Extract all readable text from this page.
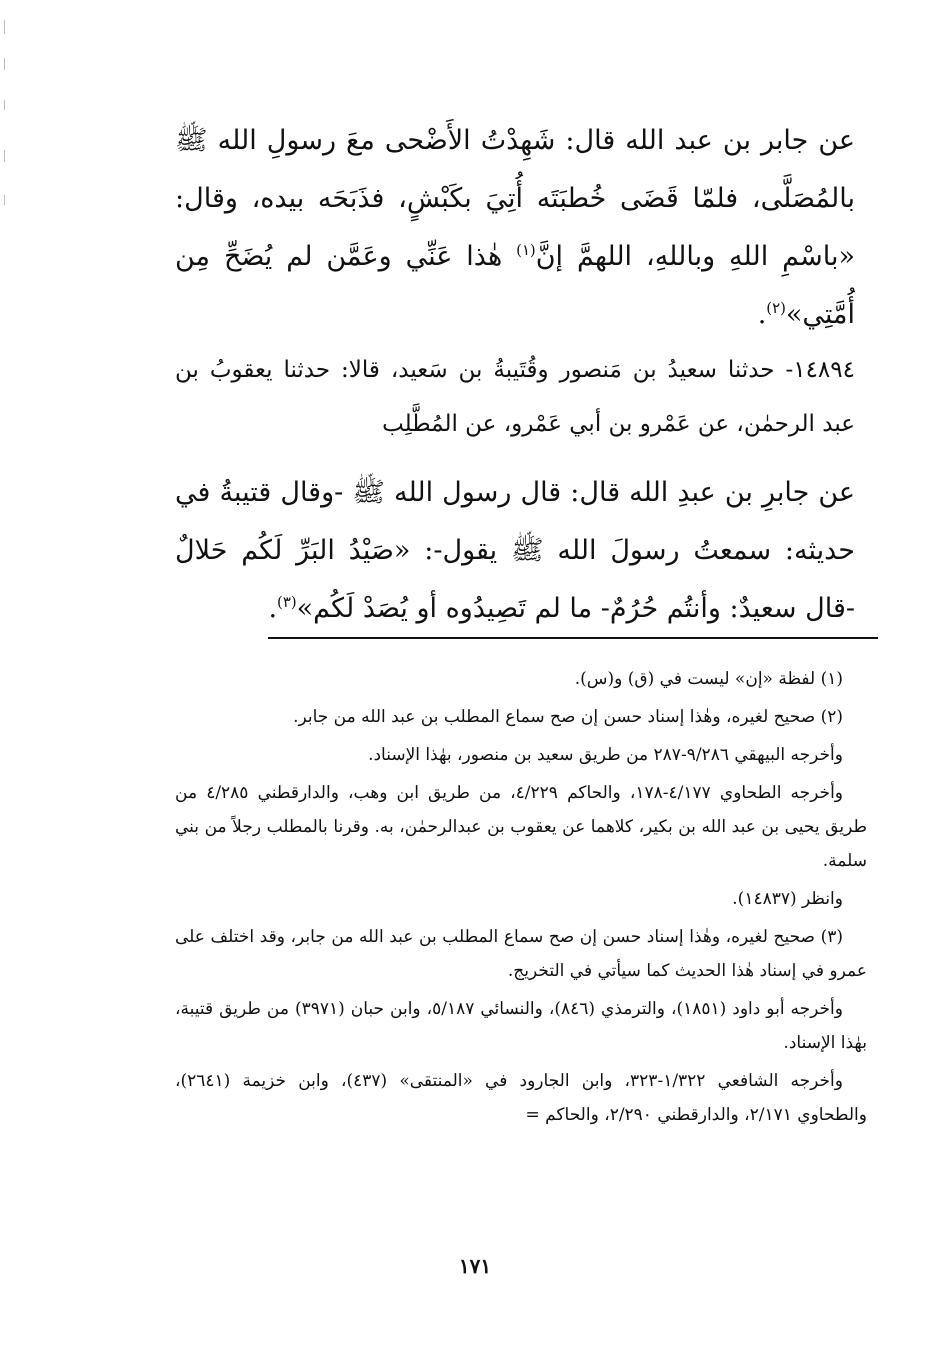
عن جابر بن عبد الله قال: شَهِدْتُ الأَضْحى معَ رسولِ الله ﷺ بالمُصَلَّى، فلمّا قَضَى خُطبَتَه أُتِيَ بكَبْشٍ، فذَبَحَه بيده، وقال: «باسْمِ اللهِ وباللهِ، اللهمَّ إنَّ$^{(١)}$ هٰذا عَنِّي وعَمَّن لم يُضَحِّ مِن أُمَّتِي»$^{(٢)}$.
١٤٨٩٤- حدثنا سعيدُ بن مَنصور وقُتَيبةُ بن سَعيد، قالا: حدثنا يعقوبُ بن عبد الرحمٰن، عن عَمْرو بن أبي عَمْرو، عن المُطَّلِب
عن جابرِ بن عبدِ الله قال: قال رسول الله ﷺ -وقال قتيبةُ في حديثه: سمعتُ رسولَ الله ﷺ يقول-: «صَيْدُ البَرِّ لَكُم حَلالٌ -قال سعيدٌ: وأنتُم حُرُمٌ- ما لم تَصِيدُوه أو يُصَدْ لَكُم»$^{(٣)}$.

(١) لفظة «إن» ليست في (ق) و(س).

(٢) صحيح لغيره، وهٰذا إسناد حسن إن صح سماع المطلب بن عبد الله من جابر.

وأخرجه البيهقي ٩/٢٨٦-٢٨٧ من طريق سعيد بن منصور، بهٰذا الإسناد.

وأخرجه الطحاوي ٤/١٧٧-١٧٨، والحاكم ٤/٢٢٩، من طريق ابن وهب، والدارقطني ٤/٢٨٥ من طريق يحيى بن عبد الله بن بكير، كلاهما عن يعقوب بن عبدالرحمٰن، به. وقرنا بالمطلب رجلاً من بني سلمة.

وانظر (١٤٨٣٧).

(٣) صحيح لغيره، وهٰذا إسناد حسن إن صح سماع المطلب بن عبد الله من جابر، وقد اختلف على عمرو في إسناد هٰذا الحديث كما سيأتي في التخريج.

وأخرجه أبو داود (١٨٥١)، والترمذي (٨٤٦)، والنسائي ٥/١٨٧، وابن حبان (٣٩٧١) من طريق قتيبة، بهٰذا الإسناد.

وأخرجه الشافعي ١/٣٢٢-٣٢٣، وابن الجارود في «المنتقى» (٤٣٧)، وابن خزيمة (٢٦٤١)، والطحاوي ٢/١٧١، والدارقطني ٢/٢٩٠، والحاكم =

١٧١
